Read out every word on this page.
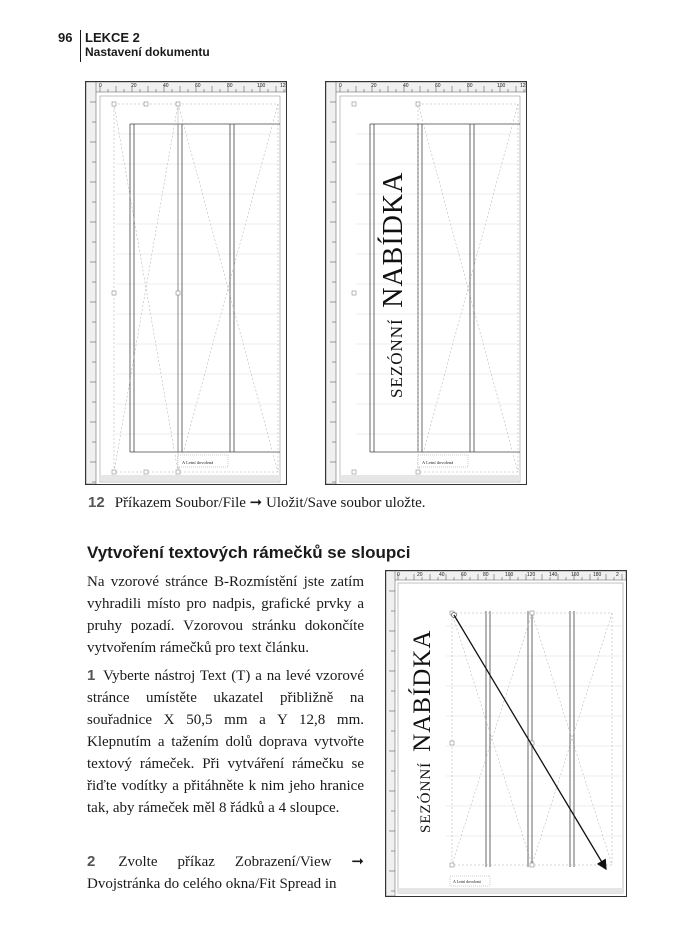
96 LEKCE 2
Nastavení dokumentu
0	20	40	60	80	100	12
A Letní dovolená
0	20	40	60	80	100	12
SEZÓNNÍ NABÍDKA
A Letní dovolená
12 Příkazem Soubor/File ➞ Uložit/Save soubor uložte.
Vytvoření textových rámečků se sloupci
Na vzorové stránce B-Rozmístění jste zatím vyhradili místo pro nadpis, grafické prvky a pruhy pozadí. Vzorovou stránku dokončíte vytvořením rámečků pro text článku.
1 Vyberte nástroj Text (T) a na levé vzorové stránce umístěte ukazatel přibližně na souřadnice X 50,5 mm a Y 12,8 mm. Klepnutím a tažením dolů doprava vytvořte textový rámeček. Při vytváření rámečku se řiďte vodítky a přitáhněte k nim jeho hranice tak, aby rámeček měl 8 řádků a 4 sloupce.
2 Zvolte příkaz Zobrazení/View ➞ Dvojstránka do celého okna/Fit Spread in
0	20	40	60	80	100	120	140	160	180	2
SEZÓNNÍ NABÍDKA
A Letní dovolená
